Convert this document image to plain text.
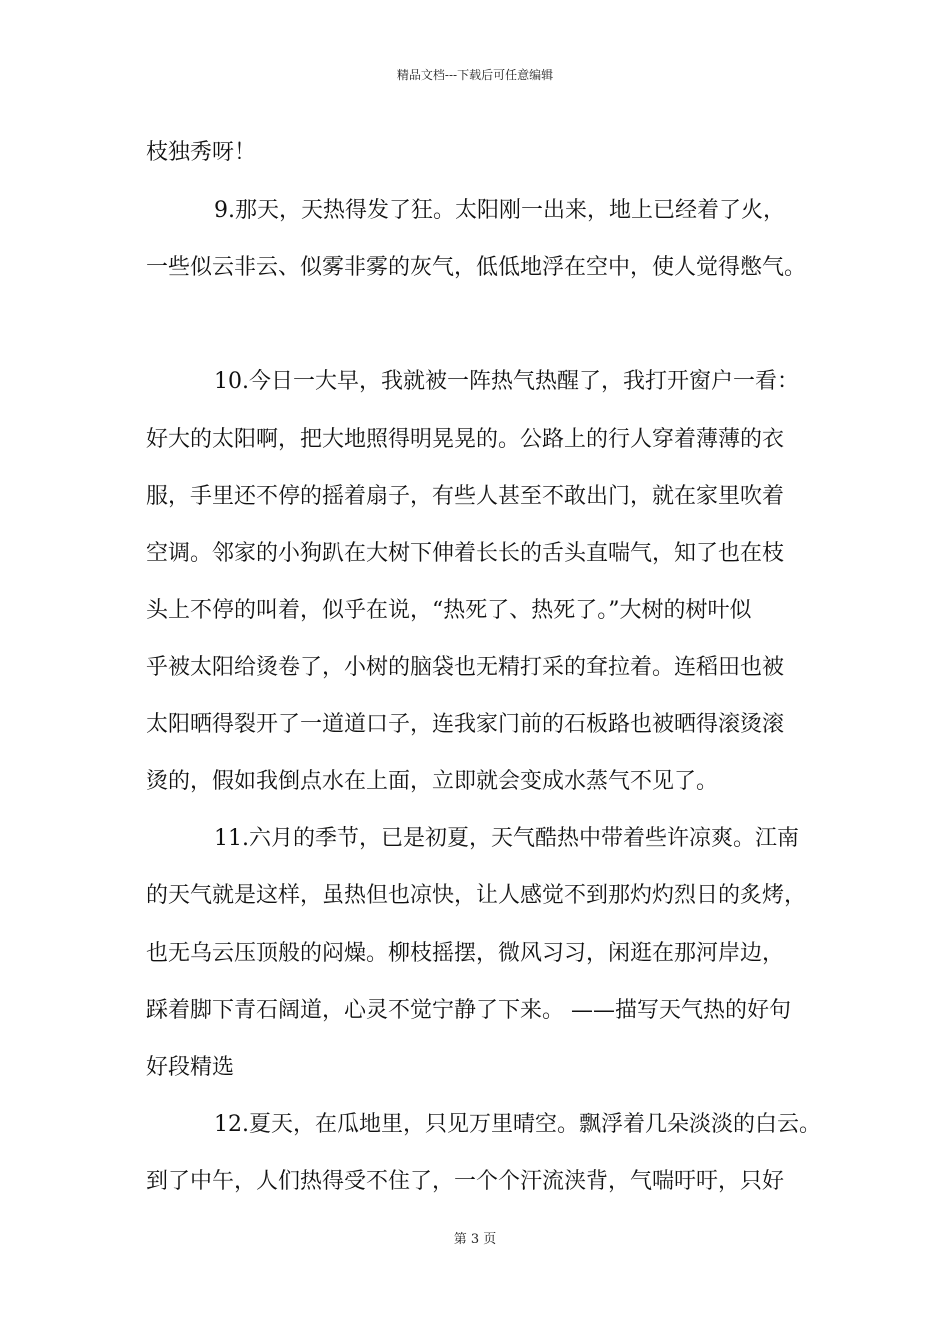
精品文档---下载后可任意编辑
枝独秀呀！
9.那天，天热得发了狂。太阳刚一出来，地上已经着了火，
一些似云非云、似雾非雾的灰气，低低地浮在空中，使人觉得憋气。
10.今日一大早，我就被一阵热气热醒了，我打开窗户一看：
好大的太阳啊，把大地照得明晃晃的。公路上的行人穿着薄薄的衣
服，手里还不停的摇着扇子，有些人甚至不敢出门，就在家里吹着
空调。邻家的小狗趴在大树下伸着长长的舌头直喘气，知了也在枝
头上不停的叫着，似乎在说，“热死了、热死了。”大树的树叶似
乎被太阳给烫卷了，小树的脑袋也无精打采的耷拉着。连稻田也被
太阳晒得裂开了一道道口子，连我家门前的石板路也被晒得滚烫滚
烫的，假如我倒点水在上面，立即就会变成水蒸气不见了。
11.六月的季节，已是初夏，天气酷热中带着些许凉爽。江南
的天气就是这样，虽热但也凉快，让人感觉不到那灼灼烈日的炙烤，
也无乌云压顶般的闷燥。柳枝摇摆，微风习习，闲逛在那河岸边，
踩着脚下青石阔道，心灵不觉宁静了下来。 ——描写天气热的好句
好段精选
12.夏天，在瓜地里，只见万里晴空。飘浮着几朵淡淡的白云。
到了中午，人们热得受不住了，一个个汗流浃背，气喘吁吁，只好
第 3 页
